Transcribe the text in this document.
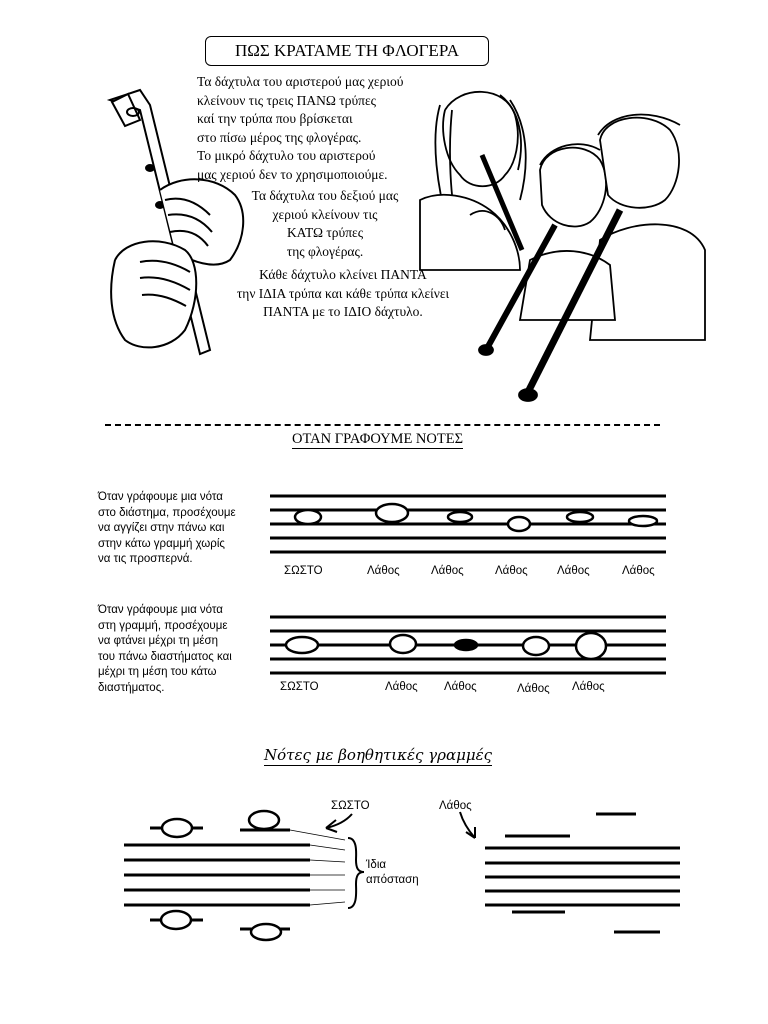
ΠΩΣ ΚΡΑΤΑΜΕ ΤΗ ΦΛΟΓΕΡΑ
Τα δάχτυλα του αριστερού μας χεριού
κλείνουν τις τρεις ΠΑΝΩ τρύπες
καί την τρύπα που βρίσκεται
στο πίσω μέρος της φλογέρας.
Το μικρό δάχτυλο του αριστερού
μας χεριού δεν το χρησιμοποιούμε.
Τα δάχτυλα του δεξιού μας
χεριού κλείνουν τις
ΚΑΤΩ τρύπες
της φλογέρας.
Κάθε δάχτυλο κλείνει ΠΑΝΤΑ
την ΙΔΙΑ τρύπα και κάθε τρύπα κλείνει
ΠΑΝΤΑ με το ΙΔΙΟ δάχτυλο.
ΟΤΑΝ ΓΡΑΦΟΥΜΕ ΝΟΤΕΣ
Όταν γράφουμε μια νότα
στο διάστημα, προσέχουμε
να αγγίζει στην πάνω και
στην κάτω γραμμή χωρίς
να τις προσπερνά.
ΣΩΣΤΟ	Λάθος	Λάθος	Λάθος	Λάθος	Λάθος
Όταν γράφουμε μια νότα
στη γραμμή, προσέχουμε
να φτάνει μέχρι τη μέση
του πάνω διαστήματος και
μέχρι τη μέση του κάτω
διαστήματος.	ΣΩΣΤΟ	Λάθος Λάθος	Λάθος Λάθος
Νότες με βοηθητικές γραμμές
ΣΩΣΤΟ	Λάθος
Ίδια
απόσταση
